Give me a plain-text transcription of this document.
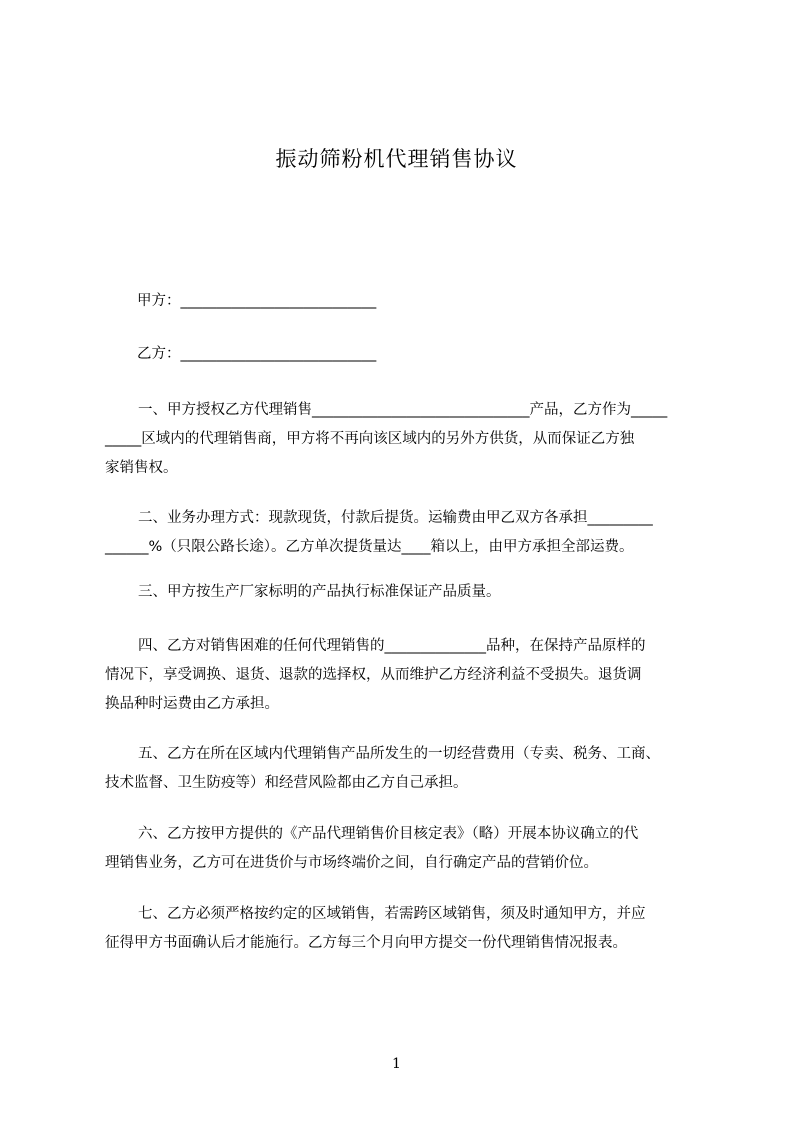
振动筛粉机代理销售协议
甲方：___________________________
乙方：___________________________
一、甲方授权乙方代理销售______________________________产品，乙方作为_____
_____区域内的代理销售商，甲方将不再向该区域内的另外方供货，从而保证乙方独
家销售权。
二、业务办理方式：现款现货，付款后提货。运输费由甲乙双方各承担_________
______%（只限公路长途）。乙方单次提货量达____箱以上，由甲方承担全部运费。
三、甲方按生产厂家标明的产品执行标准保证产品质量。
四、乙方对销售困难的任何代理销售的______________品种，在保持产品原样的
情况下，享受调换、退货、退款的选择权，从而维护乙方经济利益不受损失。退货调
换品种时运费由乙方承担。
五、乙方在所在区域内代理销售产品所发生的一切经营费用（专卖、税务、工商、
技术监督、卫生防疫等）和经营风险都由乙方自己承担。
六、乙方按甲方提供的《产品代理销售价目核定表》（略）开展本协议确立的代
理销售业务，乙方可在进货价与市场终端价之间，自行确定产品的营销价位。
七、乙方必须严格按约定的区域销售，若需跨区域销售，须及时通知甲方，并应
征得甲方书面确认后才能施行。乙方每三个月向甲方提交一份代理销售情况报表。
1
